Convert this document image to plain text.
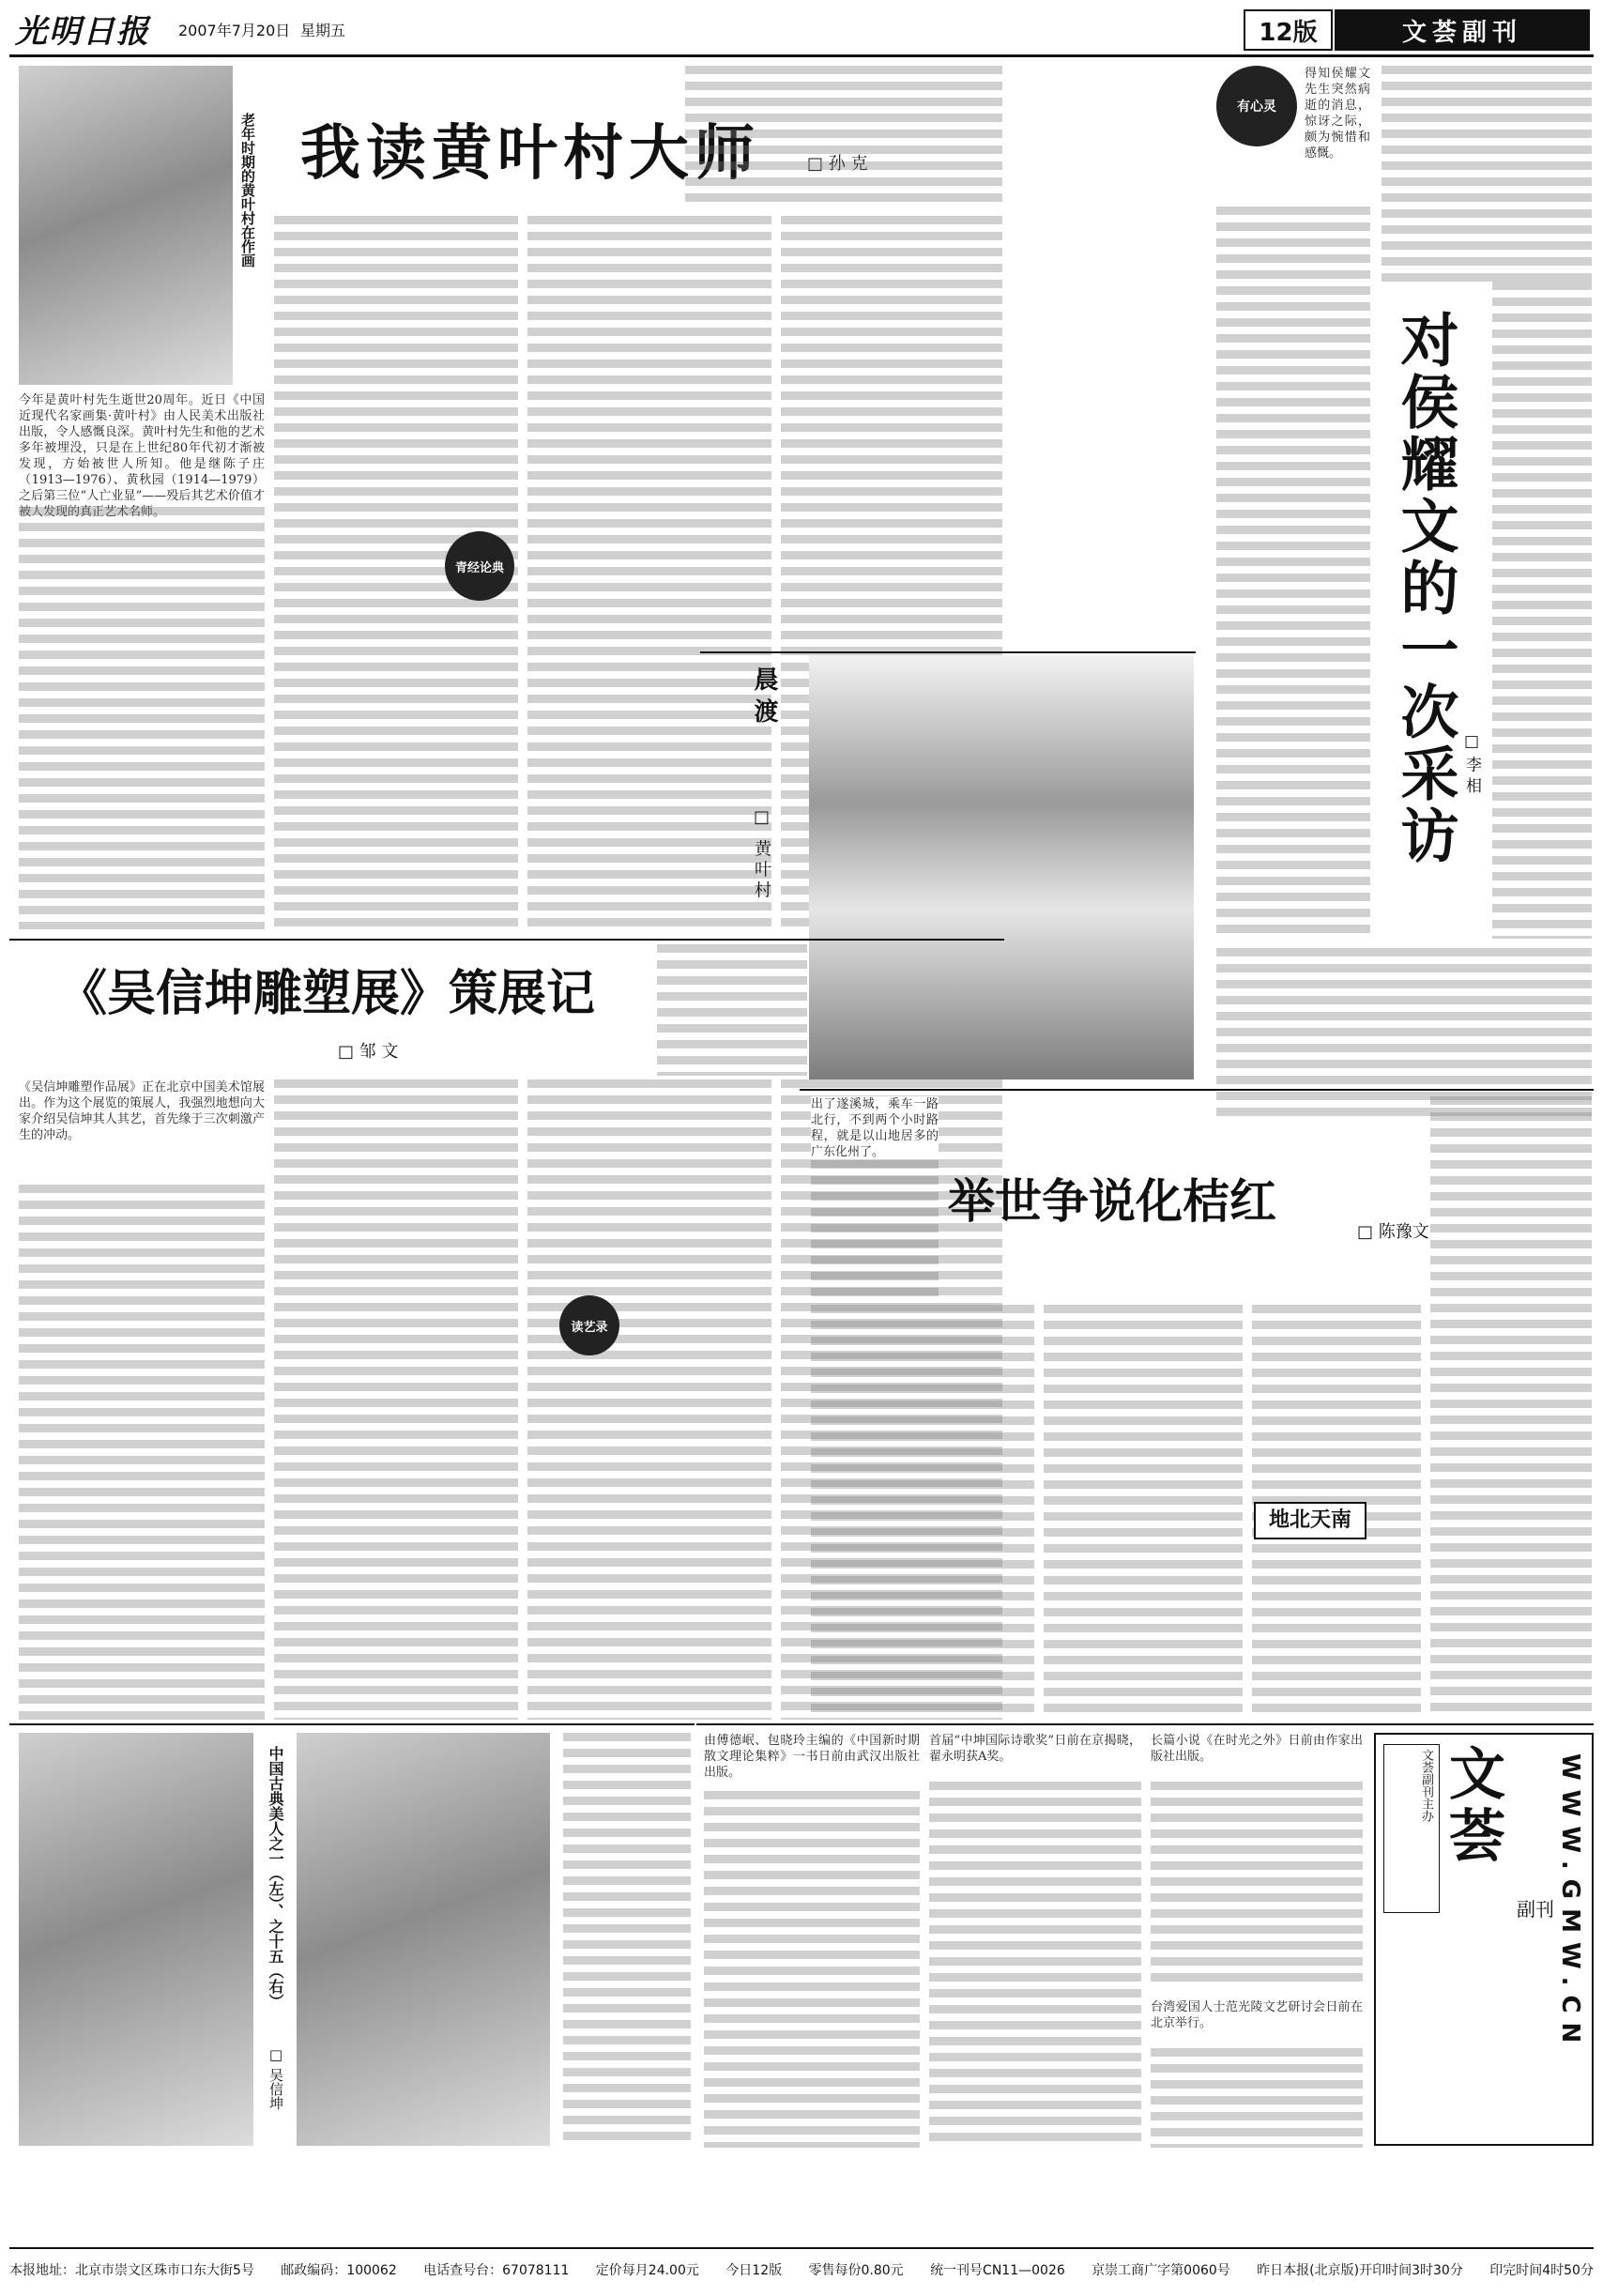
光明日报 2007年7月20日 星期五	12版	文荟副刊
老年时期的黄叶村在作画 我读黄叶村大师	□ 孙 克
今年是黄叶村先生逝世20周年。近日《中国近现代名家画集·黄叶村》由人民美术出版社出版，令人感慨良深。黄叶村先生和他的艺术多年被埋没，只是在上世纪80年代初才渐被发现，方始被世人所知。他是继陈子庄（1913—1976）、黄秋园（1914—1979）之后第三位“人亡业显”——殁后其艺术价值才被人发现的真正艺术名师。
青经论典
晨渡
□ 黄叶村
《吴信坤雕塑展》策展记
□ 邹 文
《吴信坤雕塑作品展》正在北京中国美术馆展出。作为这个展览的策展人，我强烈地想向大家介绍吴信坤其人其艺，首先缘于三次刺激产生的冲动。
读艺录
中国古典美人之一（左）、之十五（右）
□ 吴信坤
有心灵
得知侯耀文先生突然病逝的消息，惊讶之际，颇为惋惜和感慨。
对侯耀文的一次采访 □ 李 相
出了遂溪城，乘车一路北行，不到两个小时路程，就是以山地居多的广东化州了。
举世争说化桔红
□ 陈豫文
地北天南
由傅德岷、包晓玲主编的《中国新时期散文理论集粹》一书日前由武汉出版社出版。
首届“中坤国际诗歌奖”日前在京揭晓，翟永明获A奖。
长篇小说《在时光之外》日前由作家出版社出版。
台湾爱国人士范光陵文艺研讨会日前在北京举行。
文荟副刊主办 文荟
副刊 WWW.GMW.CN
本报地址：北京市崇文区珠市口东大街5号 邮政编码：100062 电话查号台：67078111 定价每月24.00元 今日12版 零售每份0.80元 统一刊号CN11—0026 京崇工商广字第0060号 昨日本报(北京版)开印时间3时30分 印完时间4时50分
